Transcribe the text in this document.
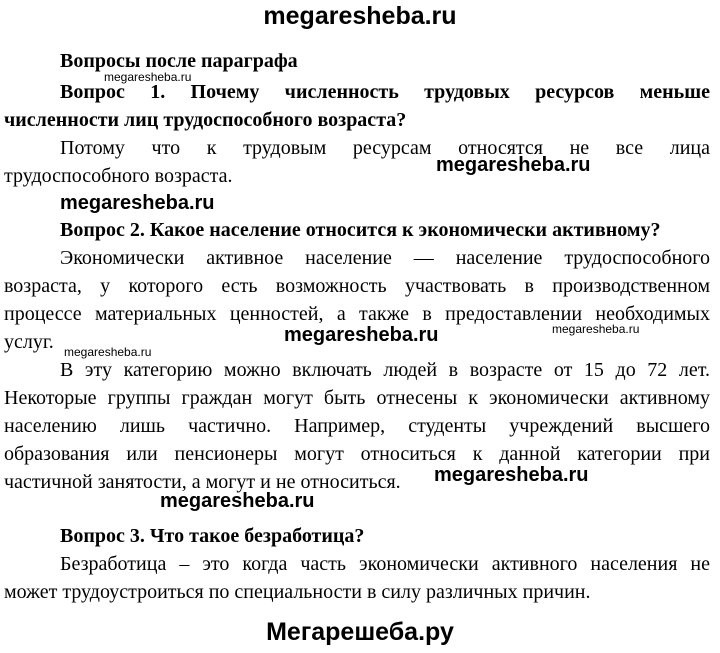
megaresheba.ru
Вопросы после параграфа
megaresheba.ru
Вопрос 1. Почему численность трудовых ресурсов меньше
численности лиц трудоспособного возраста?
Потому что к трудовым ресурсам относятся не все лица
трудоспособного возраста.	megaresheba.ru
megaresheba.ru
Вопрос 2. Какое население относится к экономически активному?
Экономически активное население — население трудоспособного
возраста, у которого есть возможность участвовать в производственном
процессе материальных ценностей, а также в предоставлении необходимых
услуг.	megaresheba.ru	megaresheba.ru
megaresheba.ru
В эту категорию можно включать людей в возрасте от 15 до 72 лет.
Некоторые группы граждан могут быть отнесены к экономически активному
населению лишь частично. Например, студенты учреждений высшего
образования или пенсионеры могут относиться к данной категории при
частичной занятости, а могут и не относиться.	megaresheba.ru
megaresheba.ru
Вопрос 3. Что такое безработица?
Безработица – это когда часть экономически активного населения не
может трудоустроиться по специальности в силу различных причин.
Мегарешеба.ру
